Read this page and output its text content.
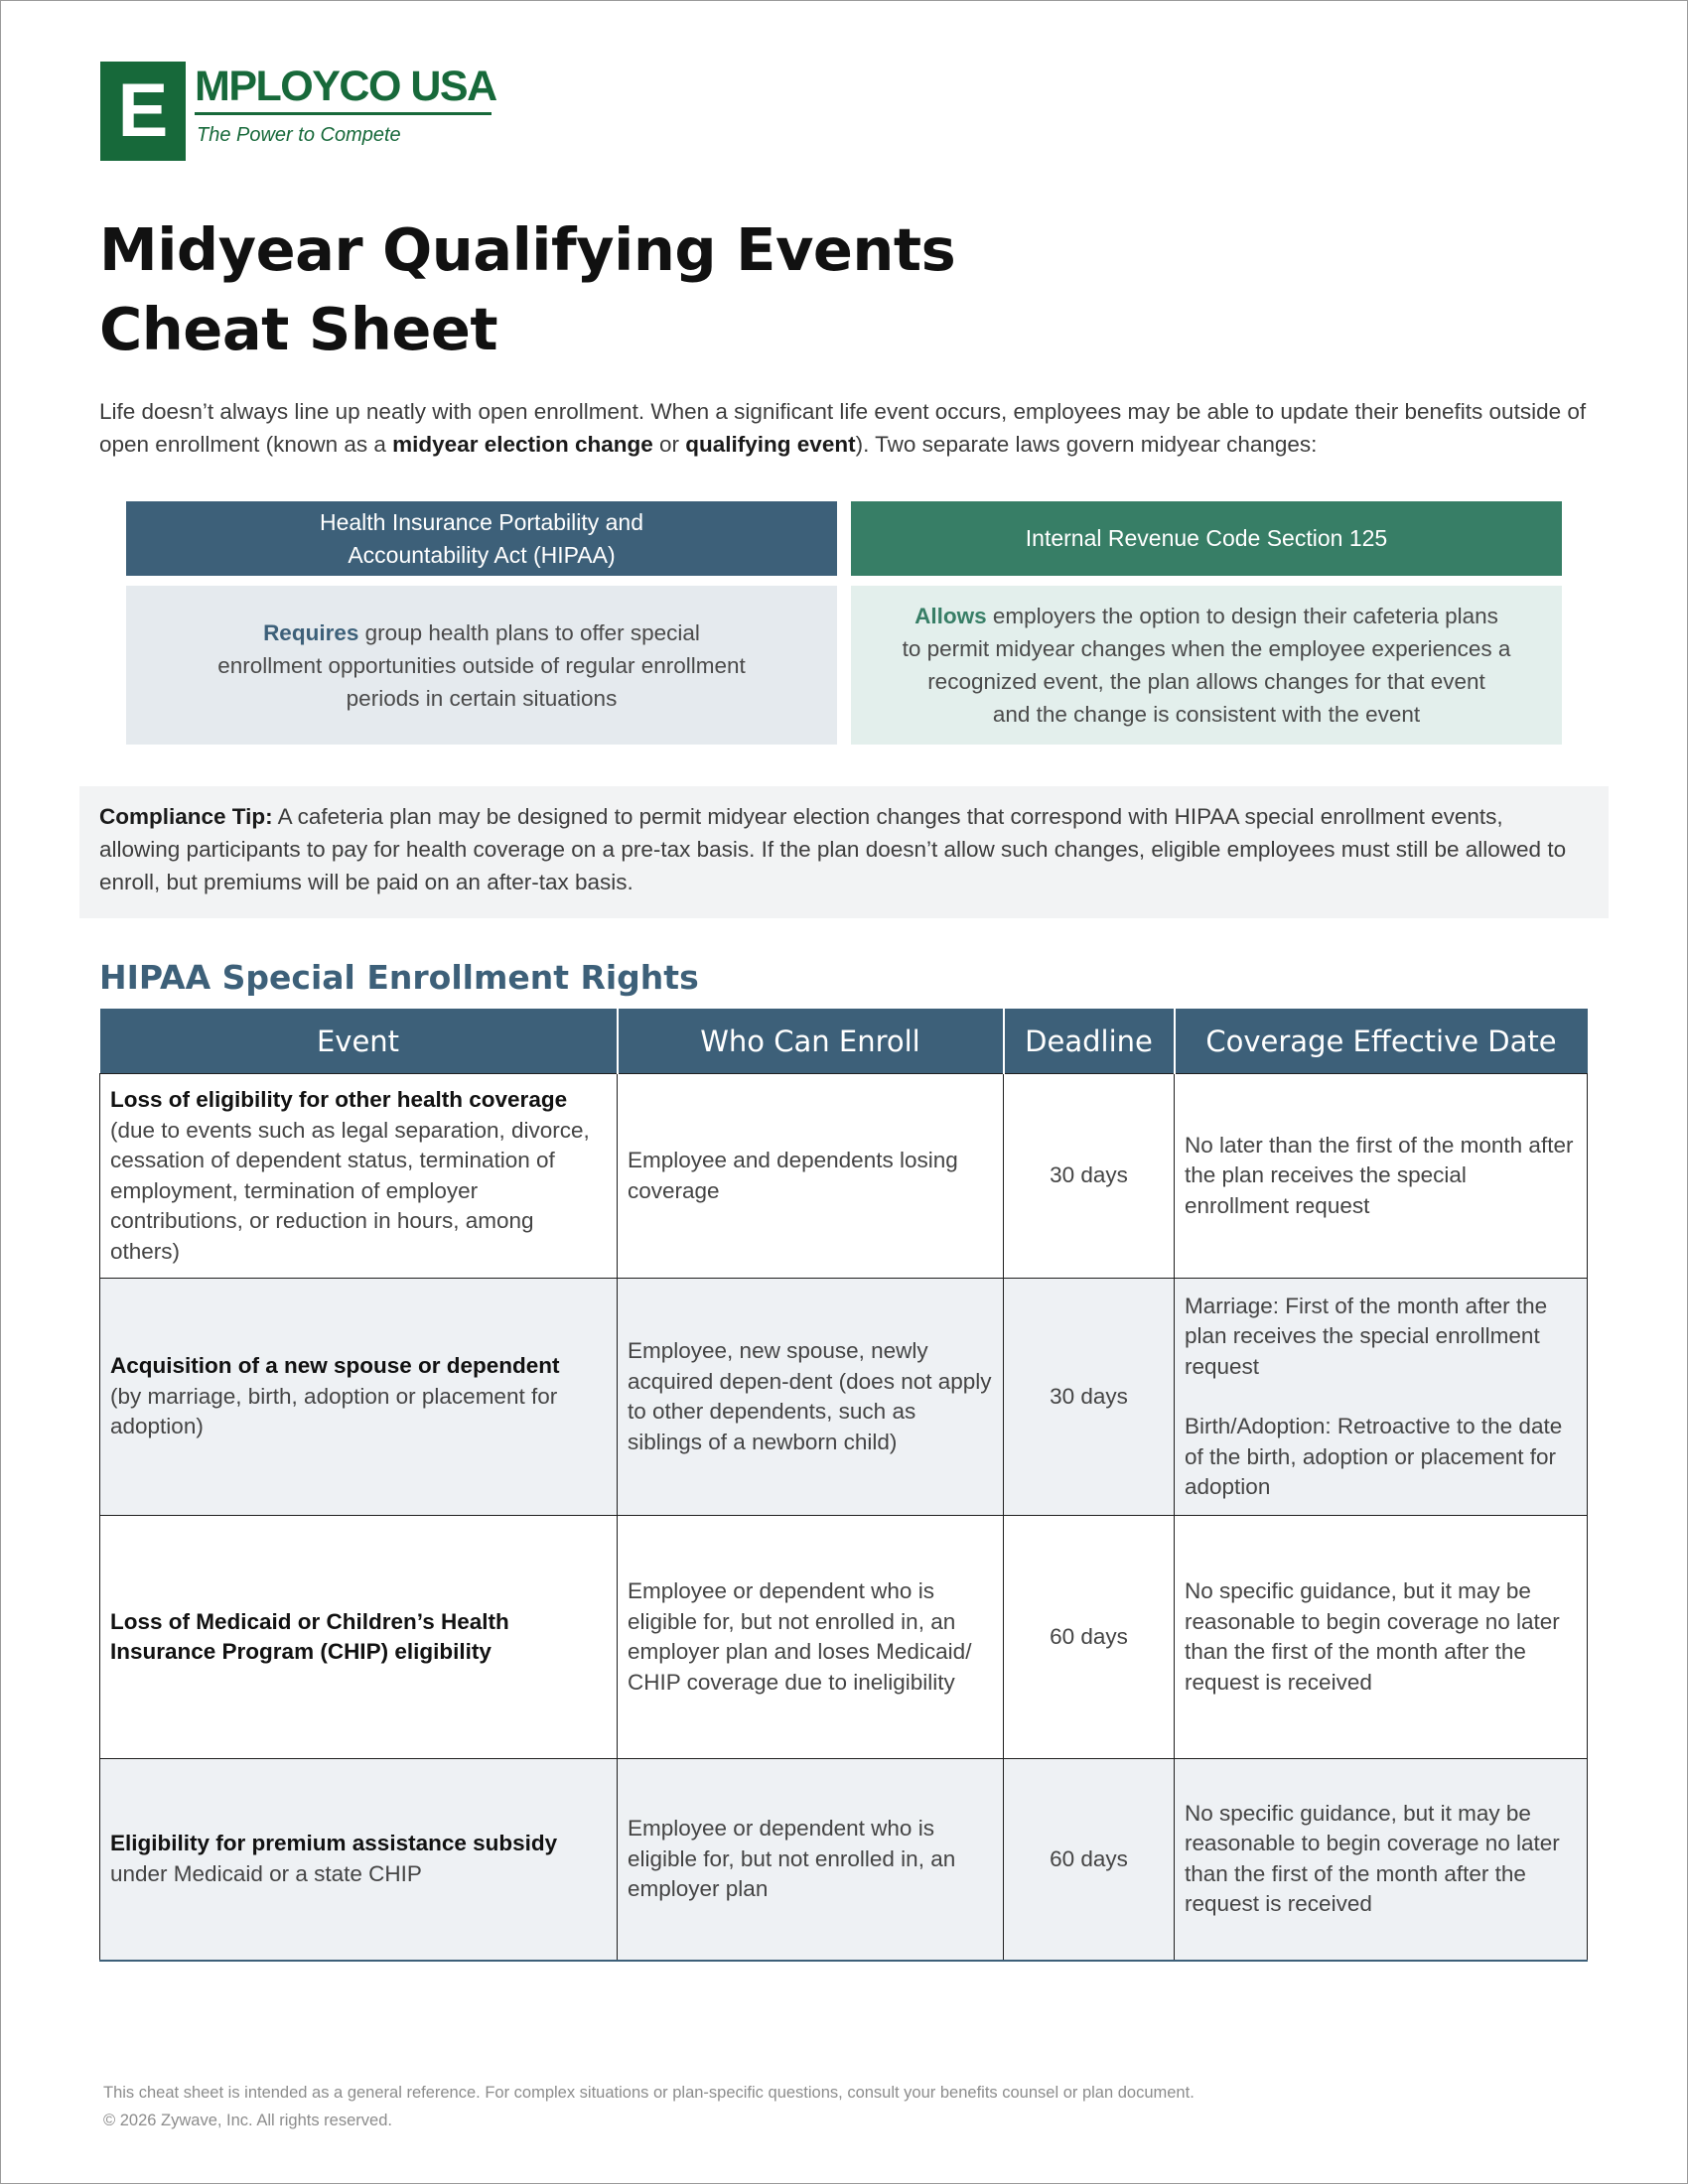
E MPLOYCO USA
The Power to Compete
Midyear Qualifying Events
Cheat Sheet
Life doesn’t always line up neatly with open enrollment. When a significant life event occurs, employees may be able to update their benefits outside of open enrollment (known as a midyear election change or qualifying event). Two separate laws govern midyear changes:
Health Insurance Portability and
Accountability Act (HIPAA)
Requires group health plans to offer special
enrollment opportunities outside of regular enrollment
periods in certain situations
Internal Revenue Code Section 125
Allows employers the option to design their cafeteria plans
to permit midyear changes when the employee experiences a
recognized event, the plan allows changes for that event
and the change is consistent with the event
Compliance Tip: A cafeteria plan may be designed to permit midyear election changes that correspond with HIPAA special enrollment events, allowing participants to pay for health coverage on a pre-tax basis. If the plan doesn’t allow such changes, eligible employees must still be allowed to enroll, but premiums will be paid on an after-tax basis.
HIPAA Special Enrollment Rights
Event	Who Can Enroll	Deadline	Coverage Effective Date
Loss of eligibility for other health coverage
(due to events such as legal separation, divorce, cessation of dependent status, termination of employment, termination of employer contributions, or reduction in hours, among others)	Employee and dependents losing coverage	30 days	No later than the first of the month after the plan receives the special enrollment request
Acquisition of a new spouse or dependent
(by marriage, birth, adoption or placement for adoption)	Employee, new spouse, newly acquired depen-dent (does not apply to other dependents, such as siblings of a newborn child)	30 days	Marriage: First of the month after the plan receives the special enrollment request
Birth/Adoption: Retroactive to the date of the birth, adoption or placement for adoption
Loss of Medicaid or Children’s Health Insurance Program (CHIP) eligibility	Employee or dependent who is eligible for, but not enrolled in, an employer plan and loses Medicaid/ CHIP coverage due to ineligibility	60 days	No specific guidance, but it may be reasonable to begin coverage no later than the first of the month after the request is received
Eligibility for premium assistance subsidy
under Medicaid or a state CHIP	Employee or dependent who is eligible for, but not enrolled in, an employer plan	60 days	No specific guidance, but it may be reasonable to begin coverage no later than the first of the month after the request is received
This cheat sheet is intended as a general reference. For complex situations or plan-specific questions, consult your benefits counsel or plan document.
© 2026 Zywave, Inc. All rights reserved.
